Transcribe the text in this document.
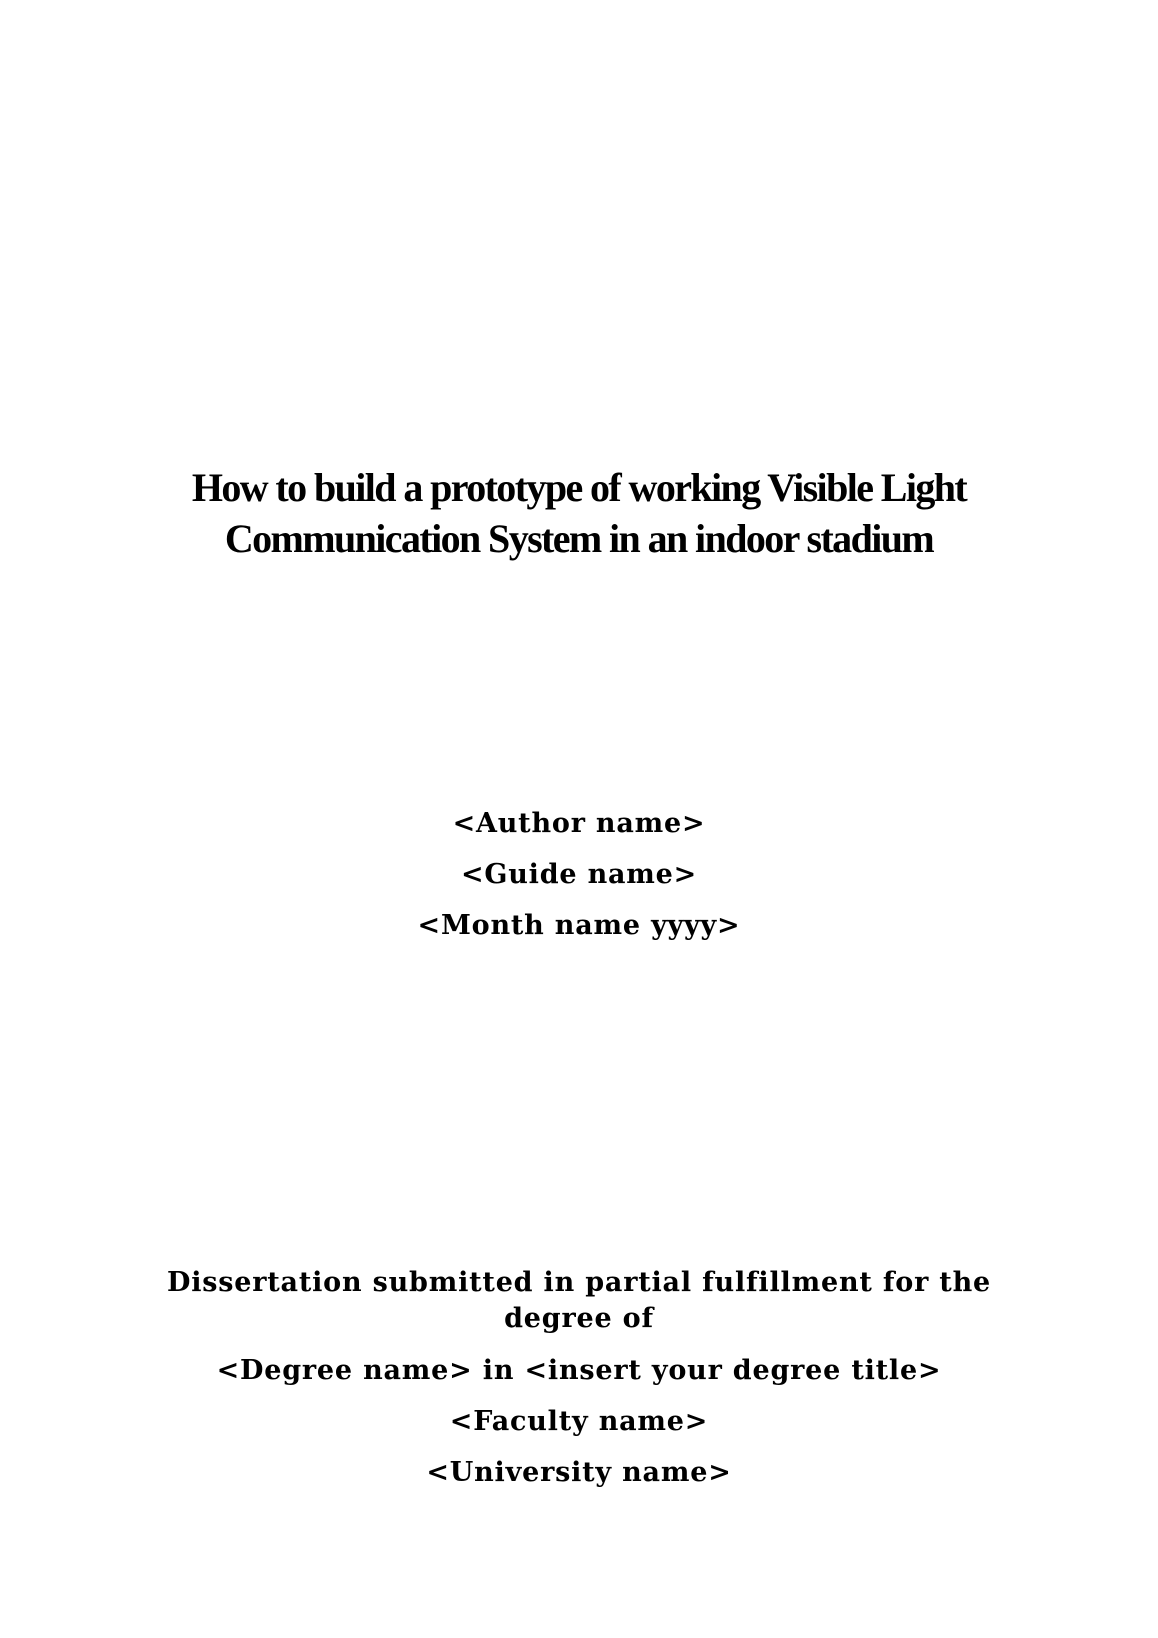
How to build a prototype of working Visible Light
Communication System in an indoor stadium
<Author name>
<Guide name>
<Month name yyyy>
Dissertation submitted in partial fulfillment for the degree of
<Degree name> in <insert your degree title>
<Faculty name>
<University name>
